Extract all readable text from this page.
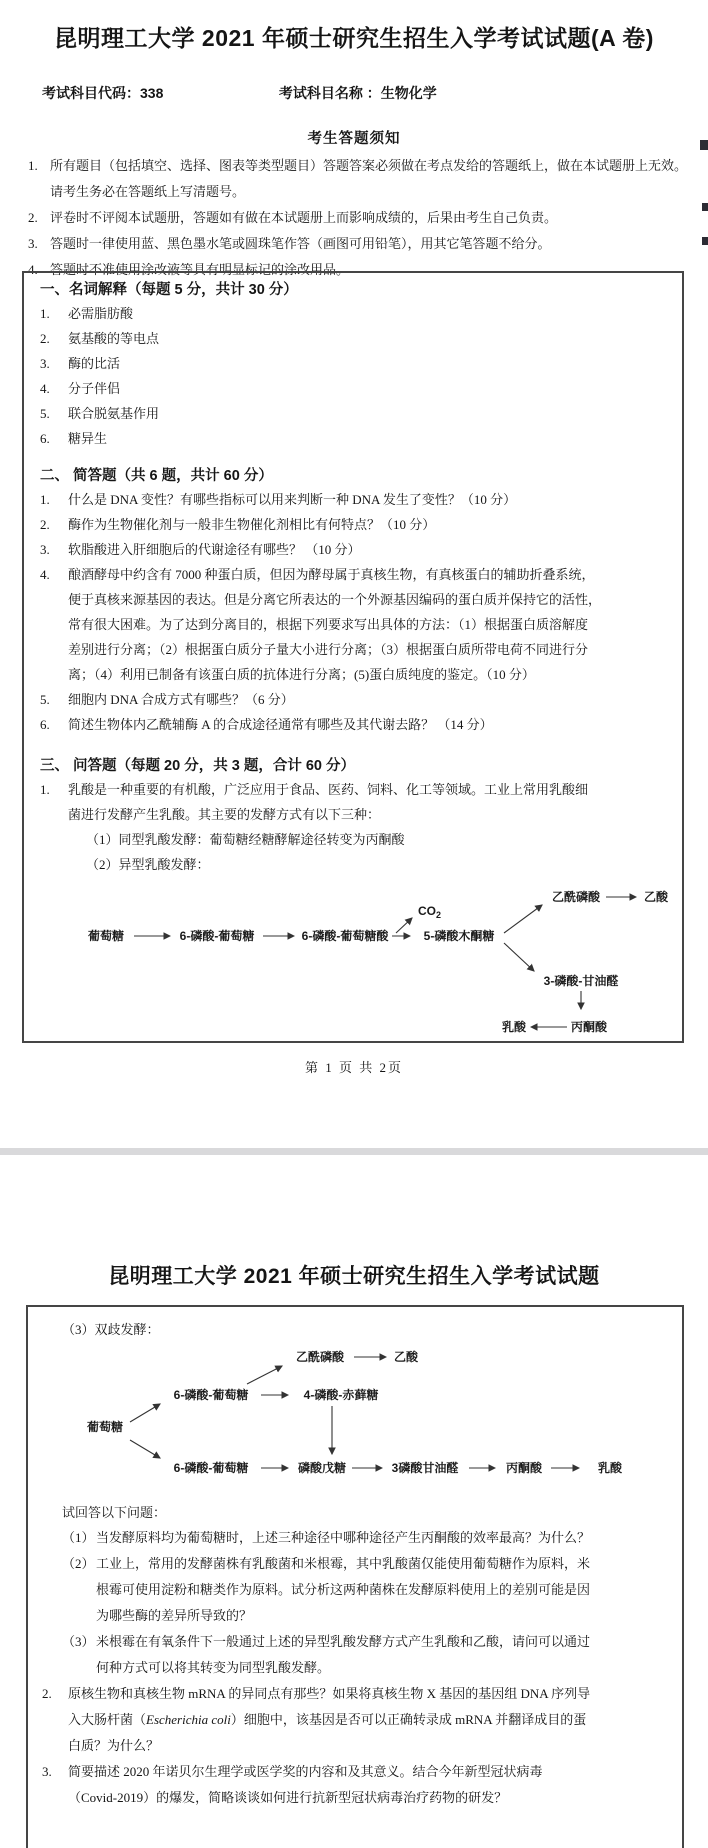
昆明理工大学 2021 年硕士研究生招生入学考试试题(A 卷)
考试科目代码：338	考试科目名称 ：生物化学
考生答题须知
1. 所有题目（包括填空、选择、图表等类型题目）答题答案必须做在考点发给的答题纸上，做在本试题册上无效。
请考生务必在答题纸上写清题号。
2. 评卷时不评阅本试题册，答题如有做在本试题册上而影响成绩的，后果由考生自己负责。
3. 答题时一律使用蓝、黑色墨水笔或圆珠笔作答（画图可用铅笔），用其它笔答题不给分。
4. 答题时不准使用涂改液等具有明显标记的涂改用品。
一、名词解释（每题 5 分，共计 30 分）
1.	必需脂肪酸
2.	氨基酸的等电点
3.	酶的比活
4.	分子伴侣
5.	联合脱氨基作用
6.	糖异生
二、 简答题（共 6 题，共计 60 分）
1.	什么是 DNA 变性？有哪些指标可以用来判断一种 DNA 发生了变性？（10 分）
2.	酶作为生物催化剂与一般非生物催化剂相比有何特点？（10 分）
3.	软脂酸进入肝细胞后的代谢途径有哪些？ （10 分）
4.	酿酒酵母中约含有 7000 种蛋白质，但因为酵母属于真核生物，有真核蛋白的辅助折叠系统，
便于真核来源基因的表达。但是分离它所表达的一个外源基因编码的蛋白质并保持它的活性，
常有很大困难。为了达到分离目的，根据下列要求写出具体的方法：（1）根据蛋白质溶解度
差别进行分离；（2）根据蛋白质分子量大小进行分离；（3）根据蛋白质所带电荷不同进行分
离；（4）利用已制备有该蛋白质的抗体进行分离；(5)蛋白质纯度的鉴定。（10 分）
5.	细胞内 DNA 合成方式有哪些？（6 分）
6.	简述生物体内乙酰辅酶 A 的合成途径通常有哪些及其代谢去路？ （14 分）
三、 问答题（每题 20 分，共 3 题，合计 60 分）
1.	乳酸是一种重要的有机酸，广泛应用于食品、医药、饲料、化工等领域。工业上常用乳酸细
菌进行发酵产生乳酸。其主要的发酵方式有以下三种：
（1）同型乳酸发酵：葡萄糖经糖酵解途径转变为丙酮酸
（2）异型乳酸发酵：
葡萄糖	6-磷酸-葡萄糖	6-磷酸-葡萄糖酸
$CO_2$
5-磷酸木酮糖
乙酰磷酸	乙酸
3-磷酸-甘油醛
丙酮酸
乳酸
第 1 页 共 2页
昆明理工大学 2021 年硕士研究生招生入学考试试题
（3）双歧发酵：
乙酰磷酸	乙酸
6-磷酸-葡萄糖	4-磷酸-赤藓糖
葡萄糖
6-磷酸-葡萄糖	磷酸戊糖	3磷酸甘油醛	丙酮酸	乳酸
试回答以下问题：
（1） 当发酵原料均为葡萄糖时，上述三种途径中哪种途径产生丙酮酸的效率最高？为什么？
（2） 工业上，常用的发酵菌株有乳酸菌和米根霉，其中乳酸菌仅能使用葡萄糖作为原料，米
根霉可使用淀粉和糖类作为原料。试分析这两种菌株在发酵原料使用上的差别可能是因
为哪些酶的差异所导致的？
（3） 米根霉在有氧条件下一般通过上述的异型乳酸发酵方式产生乳酸和乙酸，请问可以通过
何种方式可以将其转变为同型乳酸发酵。
2.	原核生物和真核生物 mRNA 的异同点有那些？如果将真核生物 X 基因的基因组 DNA 序列导
入大肠杆菌（Escherichia coli）细胞中，该基因是否可以正确转录成 mRNA 并翻译成目的蛋
白质？为什么？
3.	简要描述 2020 年诺贝尔生理学或医学奖的内容和及其意义。结合今年新型冠状病毒
（Covid-2019）的爆发，简略谈谈如何进行抗新型冠状病毒治疗药物的研发？
